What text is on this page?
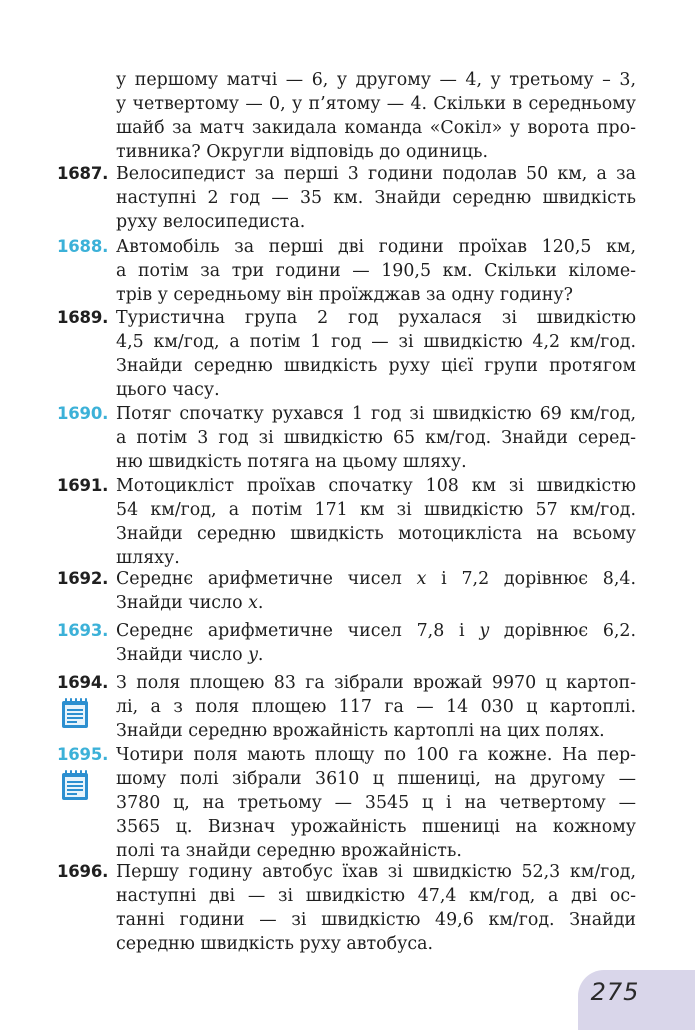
у першому матчі — 6, у другому — 4, у третьому – 3,
у четвертому — 0, у п’ятому — 4. Скільки в середньому
шайб за матч закидала команда «Сокіл» у ворота про-
тивника? Округли відповідь до одиниць.
1687. Велосипедист за перші 3 години подолав 50 км, а за
наступні 2 год — 35 км. Знайди середню швидкість
руху велосипедиста.
1688. Автомобіль за перші дві години проїхав 120,5 км,
а потім за три години — 190,5 км. Скільки кіломе-
трів у середньому він проїжджав за одну годину?
1689. Туристична група 2 год рухалася зі швидкістю
4,5 км/год, а потім 1 год — зі швидкістю 4,2 км/год.
Знайди середню швидкість руху цієї групи протягом
цього часу.
1690. Потяг спочатку рухався 1 год зі швидкістю 69 км/год,
а потім 3 год зі швидкістю 65 км/год. Знайди серед-
ню швидкість потяга на цьому шляху.
1691. Мотоцикліст проїхав спочатку 108 км зі швидкістю
54 км/год, а потім 171 км зі швидкістю 57 км/год.
Знайди середню швидкість мотоцикліста на всьому
шляху.
1692. Середнє арифметичне чисел x і 7,2 дорівнює 8,4.
Знайди число x.
1693. Середнє арифметичне чисел 7,8 і y дорівнює 6,2.
Знайди число y.
1694. З поля площею 83 га зібрали врожай 9970 ц картоп-
лі, а з поля площею 117 га — 14 030 ц картоплі.
Знайди середню врожайність картоплі на цих полях.
1695. Чотири поля мають площу по 100 га кожне. На пер-
шому полі зібрали 3610 ц пшениці, на другому —
3780 ц, на третьому — 3545 ц і на четвертому —
3565 ц. Визнач урожайність пшениці на кожному
полі та знайди середню врожайність.
1696. Першу годину автобус їхав зі швидкістю 52,3 км/год,
наступні дві — зі швидкістю 47,4 км/год, а дві ос-
танні години — зі швидкістю 49,6 км/год. Знайди
середню швидкість руху автобуса.
275
